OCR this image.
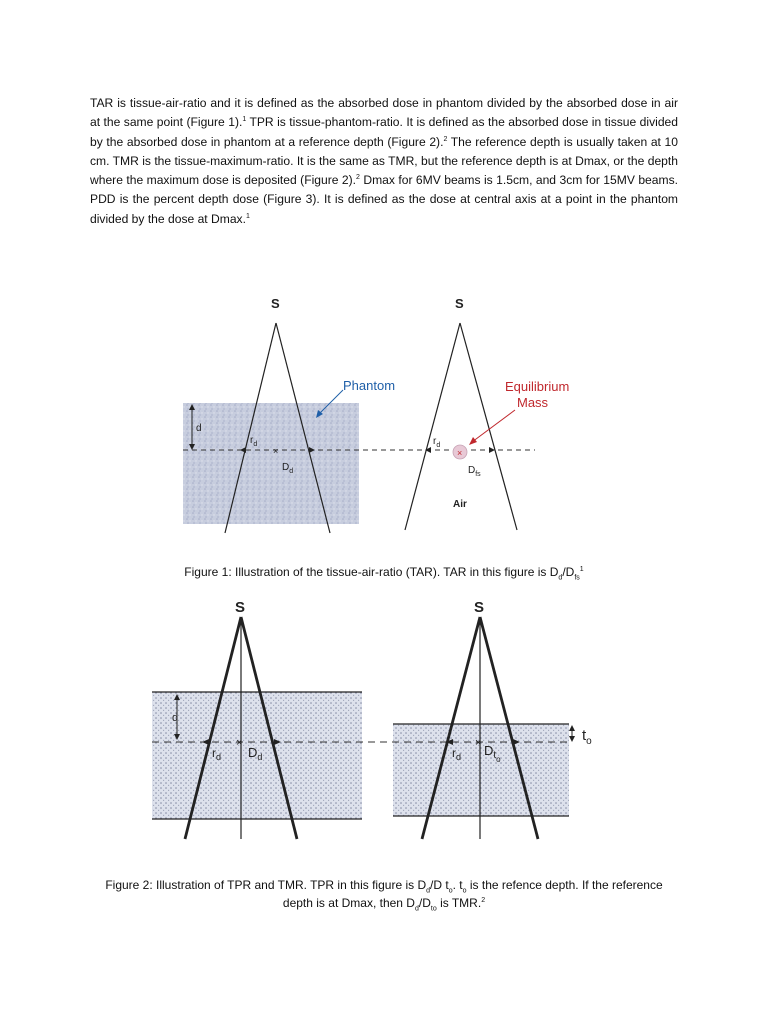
TAR is tissue-air-ratio and it is defined as the absorbed dose in phantom divided by the absorbed dose in air at the same point (Figure 1).$^1$ TPR is tissue-phantom-ratio. It is defined as the absorbed dose in tissue divided by the absorbed dose in phantom at a reference depth (Figure 2).$^2$ The reference depth is usually taken at 10 cm. TMR is the tissue-maximum-ratio. It is the same as TMR, but the reference depth is at Dmax, or the depth where the maximum dose is deposited (Figure 2).$^2$ Dmax for 6MV beams is 1.5cm, and 3cm for 15MV beams. PDD is the percent depth dose (Figure 3). It is defined as the dose at central axis at a point in the phantom divided by the dose at Dmax.$^1$

d
S
$r_d$
×
$D_d$
Phantom
S
$r_d$
×
$D_{fs}$
Air
Equilibrium Mass

Figure 1: Illustration of the tissue-air-ratio (TAR). TAR in this figure is $D_d/D_{fs}^1$

d
S
×
$r_d$ $D_d$
S
×
$r_d$ $D_{to}$
$t_o$

Figure 2: Illustration of TPR and TMR. TPR in this figure is $D_d/D$ $t_o$. $t_o$ is the refence depth. If the reference
depth is at Dmax, then $D_d/D_{to}$ is TMR.$^2$
